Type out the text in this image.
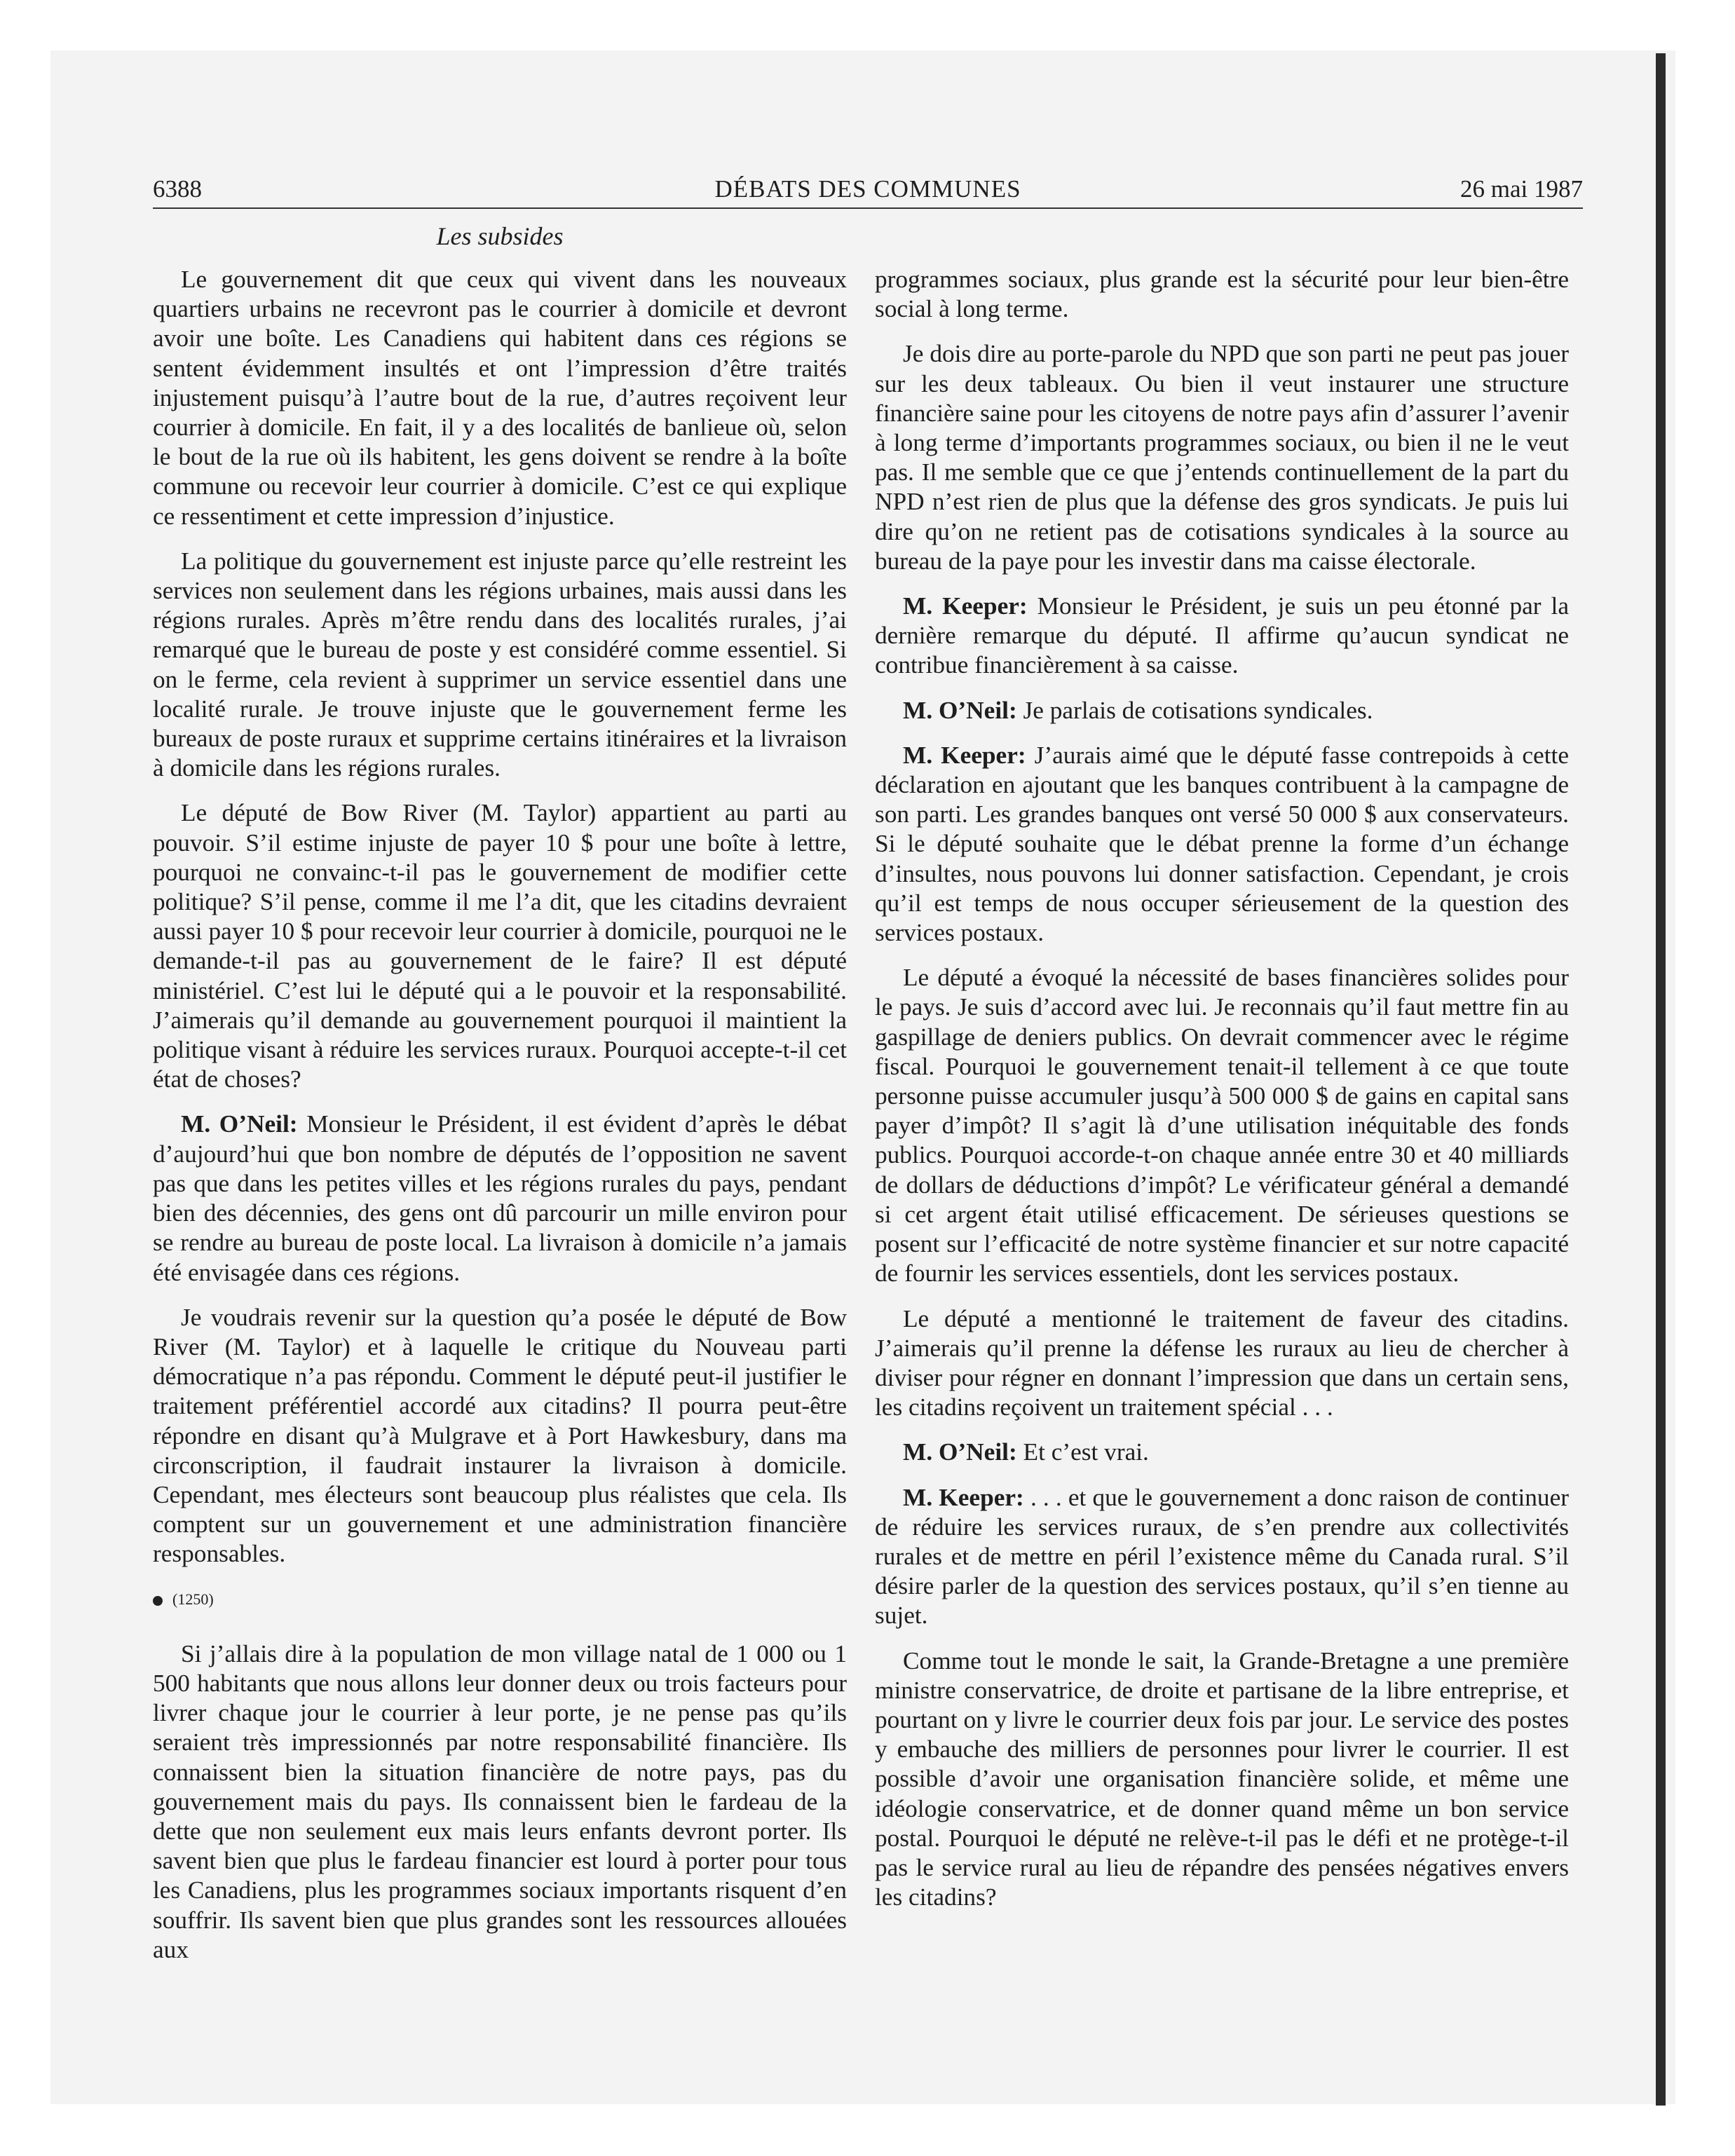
6388	DÉBATS DES COMMUNES	26 mai 1987
Les subsides

Le gouvernement dit que ceux qui vivent dans les nouveaux quartiers urbains ne recevront pas le courrier à domicile et devront avoir une boîte. Les Canadiens qui habitent dans ces régions se sentent évidemment insultés et ont l’impression d’être traités injustement puisqu’à l’autre bout de la rue, d’autres reçoivent leur courrier à domicile. En fait, il y a des localités de banlieue où, selon le bout de la rue où ils habitent, les gens doivent se rendre à la boîte commune ou recevoir leur courrier à domicile. C’est ce qui explique ce ressentiment et cette impression d’injustice.

La politique du gouvernement est injuste parce qu’elle restreint les services non seulement dans les régions urbaines, mais aussi dans les régions rurales. Après m’être rendu dans des localités rurales, j’ai remarqué que le bureau de poste y est considéré comme essentiel. Si on le ferme, cela revient à supprimer un service essentiel dans une localité rurale. Je trouve injuste que le gouvernement ferme les bureaux de poste ruraux et supprime certains itinéraires et la livraison à domicile dans les régions rurales.

Le député de Bow River (M. Taylor) appartient au parti au pouvoir. S’il estime injuste de payer 10 $ pour une boîte à lettre, pourquoi ne convainc-t-il pas le gouvernement de modifier cette politique? S’il pense, comme il me l’a dit, que les citadins devraient aussi payer 10 $ pour recevoir leur courrier à domicile, pourquoi ne le demande-t-il pas au gouvernement de le faire? Il est député ministériel. C’est lui le député qui a le pouvoir et la responsabilité. J’aimerais qu’il demande au gouvernement pourquoi il maintient la politique visant à réduire les services ruraux. Pourquoi accepte-t-il cet état de choses?

M. O’Neil: Monsieur le Président, il est évident d’après le débat d’aujourd’hui que bon nombre de députés de l’opposition ne savent pas que dans les petites villes et les régions rurales du pays, pendant bien des décennies, des gens ont dû parcourir un mille environ pour se rendre au bureau de poste local. La livraison à domicile n’a jamais été envisagée dans ces régions.

Je voudrais revenir sur la question qu’a posée le député de Bow River (M. Taylor) et à laquelle le critique du Nouveau parti démocratique n’a pas répondu. Comment le député peut-il justifier le traitement préférentiel accordé aux citadins? Il pourra peut-être répondre en disant qu’à Mulgrave et à Port Hawkesbury, dans ma circonscription, il faudrait instaurer la livraison à domicile. Cependant, mes électeurs sont beaucoup plus réalistes que cela. Ils comptent sur un gouvernement et une administration financière responsables.

(1250)

Si j’allais dire à la population de mon village natal de 1 000 ou 1 500 habitants que nous allons leur donner deux ou trois facteurs pour livrer chaque jour le courrier à leur porte, je ne pense pas qu’ils seraient très impressionnés par notre responsabilité financière. Ils connaissent bien la situation financière de notre pays, pas du gouvernement mais du pays. Ils connaissent bien le fardeau de la dette que non seulement eux mais leurs enfants devront porter. Ils savent bien que plus le fardeau financier est lourd à porter pour tous les Canadiens, plus les programmes sociaux importants risquent d’en souffrir. Ils savent bien que plus grandes sont les ressources allouées aux

programmes sociaux, plus grande est la sécurité pour leur bien-être social à long terme.

Je dois dire au porte-parole du NPD que son parti ne peut pas jouer sur les deux tableaux. Ou bien il veut instaurer une structure financière saine pour les citoyens de notre pays afin d’assurer l’avenir à long terme d’importants programmes sociaux, ou bien il ne le veut pas. Il me semble que ce que j’entends continuellement de la part du NPD n’est rien de plus que la défense des gros syndicats. Je puis lui dire qu’on ne retient pas de cotisations syndicales à la source au bureau de la paye pour les investir dans ma caisse électorale.

M. Keeper: Monsieur le Président, je suis un peu étonné par la dernière remarque du député. Il affirme qu’aucun syndicat ne contribue financièrement à sa caisse.

M. O’Neil: Je parlais de cotisations syndicales.

M. Keeper: J’aurais aimé que le député fasse contrepoids à cette déclaration en ajoutant que les banques contribuent à la campagne de son parti. Les grandes banques ont versé 50 000 $ aux conservateurs. Si le député souhaite que le débat prenne la forme d’un échange d’insultes, nous pouvons lui donner satisfaction. Cependant, je crois qu’il est temps de nous occuper sérieusement de la question des services postaux.

Le député a évoqué la nécessité de bases financières solides pour le pays. Je suis d’accord avec lui. Je reconnais qu’il faut mettre fin au gaspillage de deniers publics. On devrait commencer avec le régime fiscal. Pourquoi le gouvernement tenait-il tellement à ce que toute personne puisse accumuler jusqu’à 500 000 $ de gains en capital sans payer d’impôt? Il s’agit là d’une utilisation inéquitable des fonds publics. Pourquoi accorde-t-on chaque année entre 30 et 40 milliards de dollars de déductions d’impôt? Le vérificateur général a demandé si cet argent était utilisé efficacement. De sérieuses questions se posent sur l’efficacité de notre système financier et sur notre capacité de fournir les services essentiels, dont les services postaux.

Le député a mentionné le traitement de faveur des citadins. J’aimerais qu’il prenne la défense les ruraux au lieu de chercher à diviser pour régner en donnant l’impression que dans un certain sens, les citadins reçoivent un traitement spécial . . .

M. O’Neil: Et c’est vrai.

M. Keeper: . . . et que le gouvernement a donc raison de continuer de réduire les services ruraux, de s’en prendre aux collectivités rurales et de mettre en péril l’existence même du Canada rural. S’il désire parler de la question des services postaux, qu’il s’en tienne au sujet.

Comme tout le monde le sait, la Grande-Bretagne a une première ministre conservatrice, de droite et partisane de la libre entreprise, et pourtant on y livre le courrier deux fois par jour. Le service des postes y embauche des milliers de personnes pour livrer le courrier. Il est possible d’avoir une organisation financière solide, et même une idéologie conservatrice, et de donner quand même un bon service postal. Pourquoi le député ne relève-t-il pas le défi et ne protège-t-il pas le service rural au lieu de répandre des pensées négatives envers les citadins?
